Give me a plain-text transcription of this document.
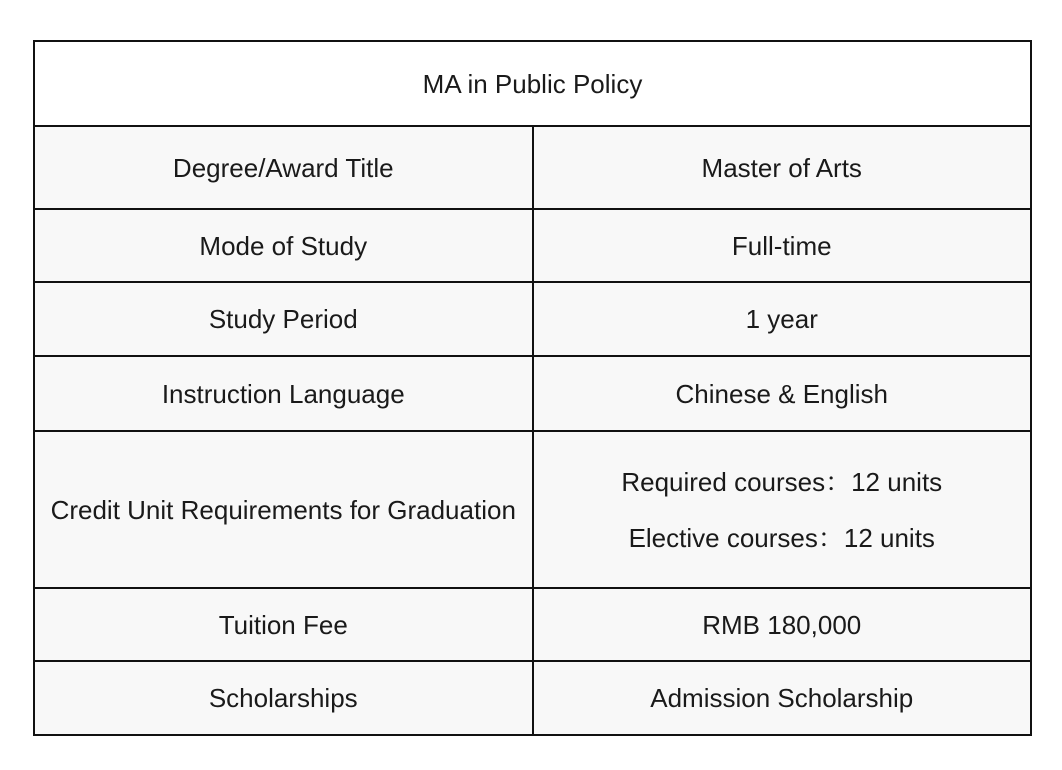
MA in Public Policy	
Degree/Award Title	Master of Arts
Mode of Study	Full-time
Study Period	1 year
Instruction Language	Chinese & English
Credit Unit Requirements for Graduation	Required courses：12 units
Elective courses：12 units

Tuition Fee	RMB 180,000
Scholarships	Admission Scholarship
